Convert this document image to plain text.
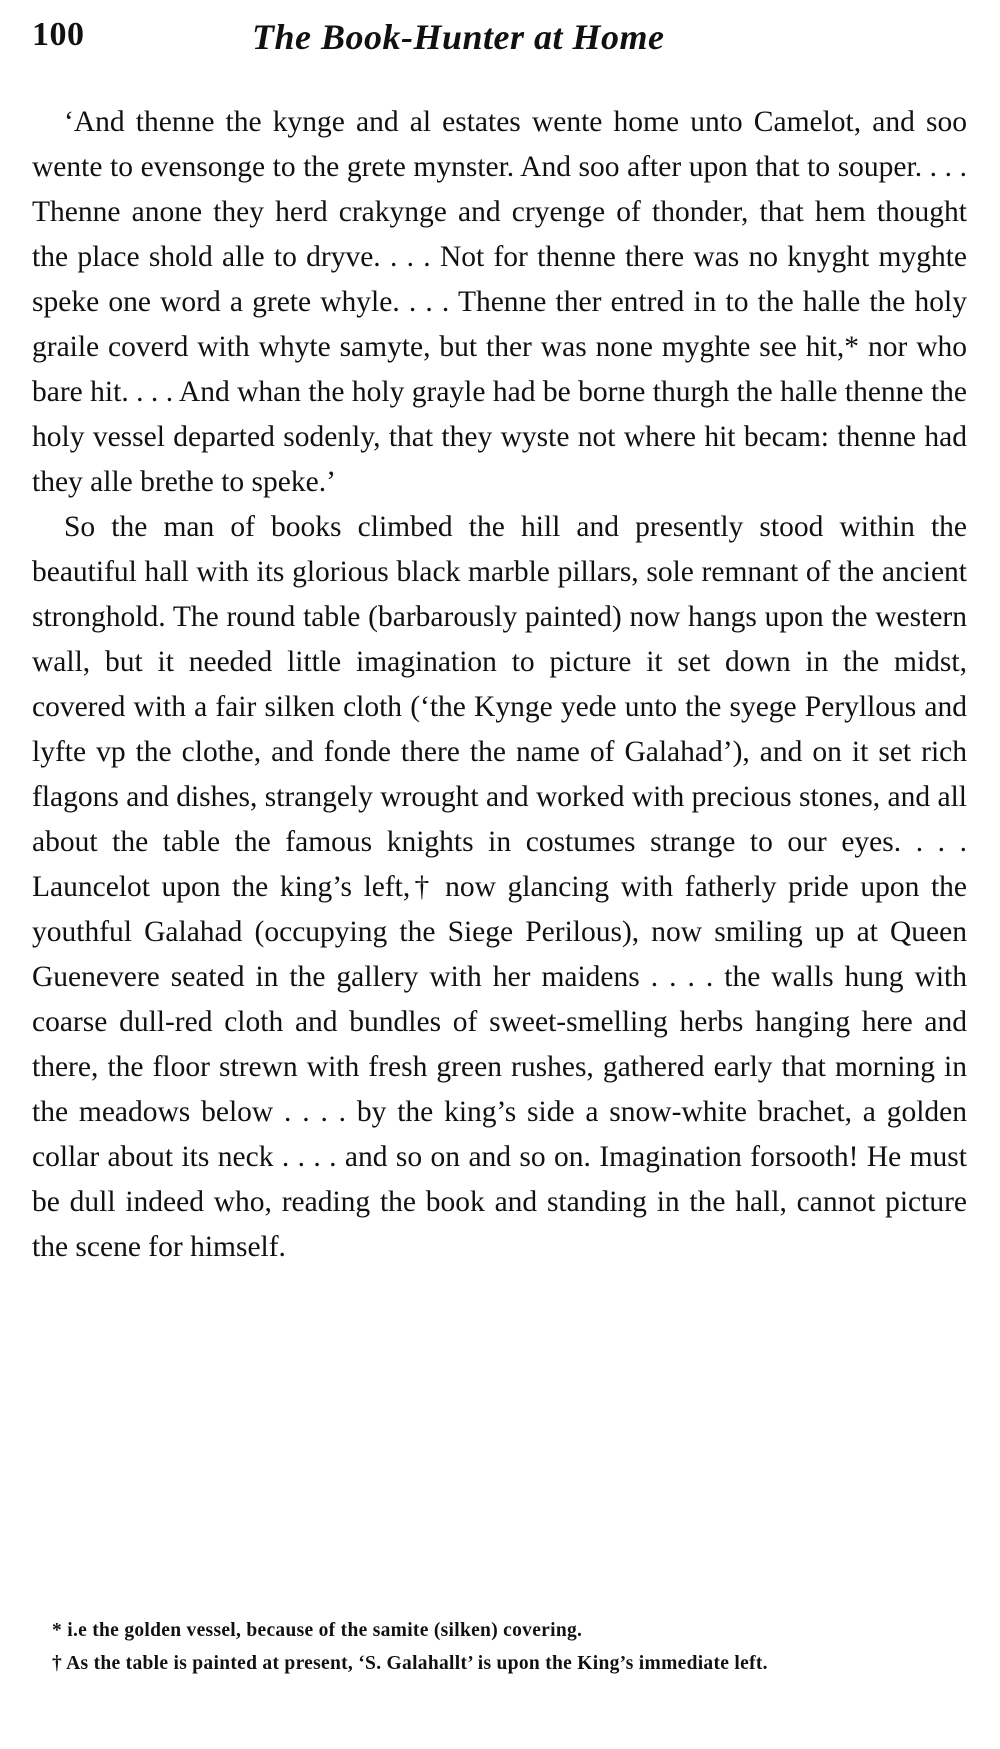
100	The Book-Hunter at Home

‘And thenne the kynge and al estates wente home unto Camelot, and soo wente to evensonge to the grete mynster. And soo after upon that to souper. . . . Thenne anone they herd crakynge and cryenge of thonder, that hem thought the place shold alle to dryve. . . . Not for thenne there was no knyght myghte speke one word a grete whyle. . . . Thenne ther entred in to the halle the holy graile coverd with whyte samyte, but ther was none myghte see hit,* nor who bare hit. . . . And whan the holy grayle had be borne thurgh the halle thenne the holy vessel departed sodenly, that they wyste not where hit becam: thenne had they alle brethe to speke.’

So the man of books climbed the hill and presently stood within the beautiful hall with its glorious black marble pillars, sole remnant of the ancient stronghold. The round table (barbarously painted) now hangs upon the western wall, but it needed little imagination to picture it set down in the midst, covered with a fair silken cloth (‘the Kynge yede unto the syege Peryllous and lyfte vp the clothe, and fonde there the name of Galahad’), and on it set rich flagons and dishes, strangely wrought and worked with precious stones, and all about the table the famous knights in costumes strange to our eyes. . . . Launcelot upon the king’s left,† now glancing with fatherly pride upon the youthful Galahad (occupying the Siege Perilous), now smiling up at Queen Guenevere seated in the gallery with her maidens . . . . the walls hung with coarse dull-red cloth and bundles of sweet-smelling herbs hanging here and there, the floor strewn with fresh green rushes, gathered early that morning in the meadows below . . . . by the king’s side a snow-white brachet, a golden collar about its neck . . . . and so on and so on. Imagination forsooth! He must be dull indeed who, reading the book and standing in the hall, cannot picture the scene for himself.

* i.e the golden vessel, because of the samite (silken) covering.

† As the table is painted at present, ‘S. Galahallt’ is upon the King’s immediate left.
